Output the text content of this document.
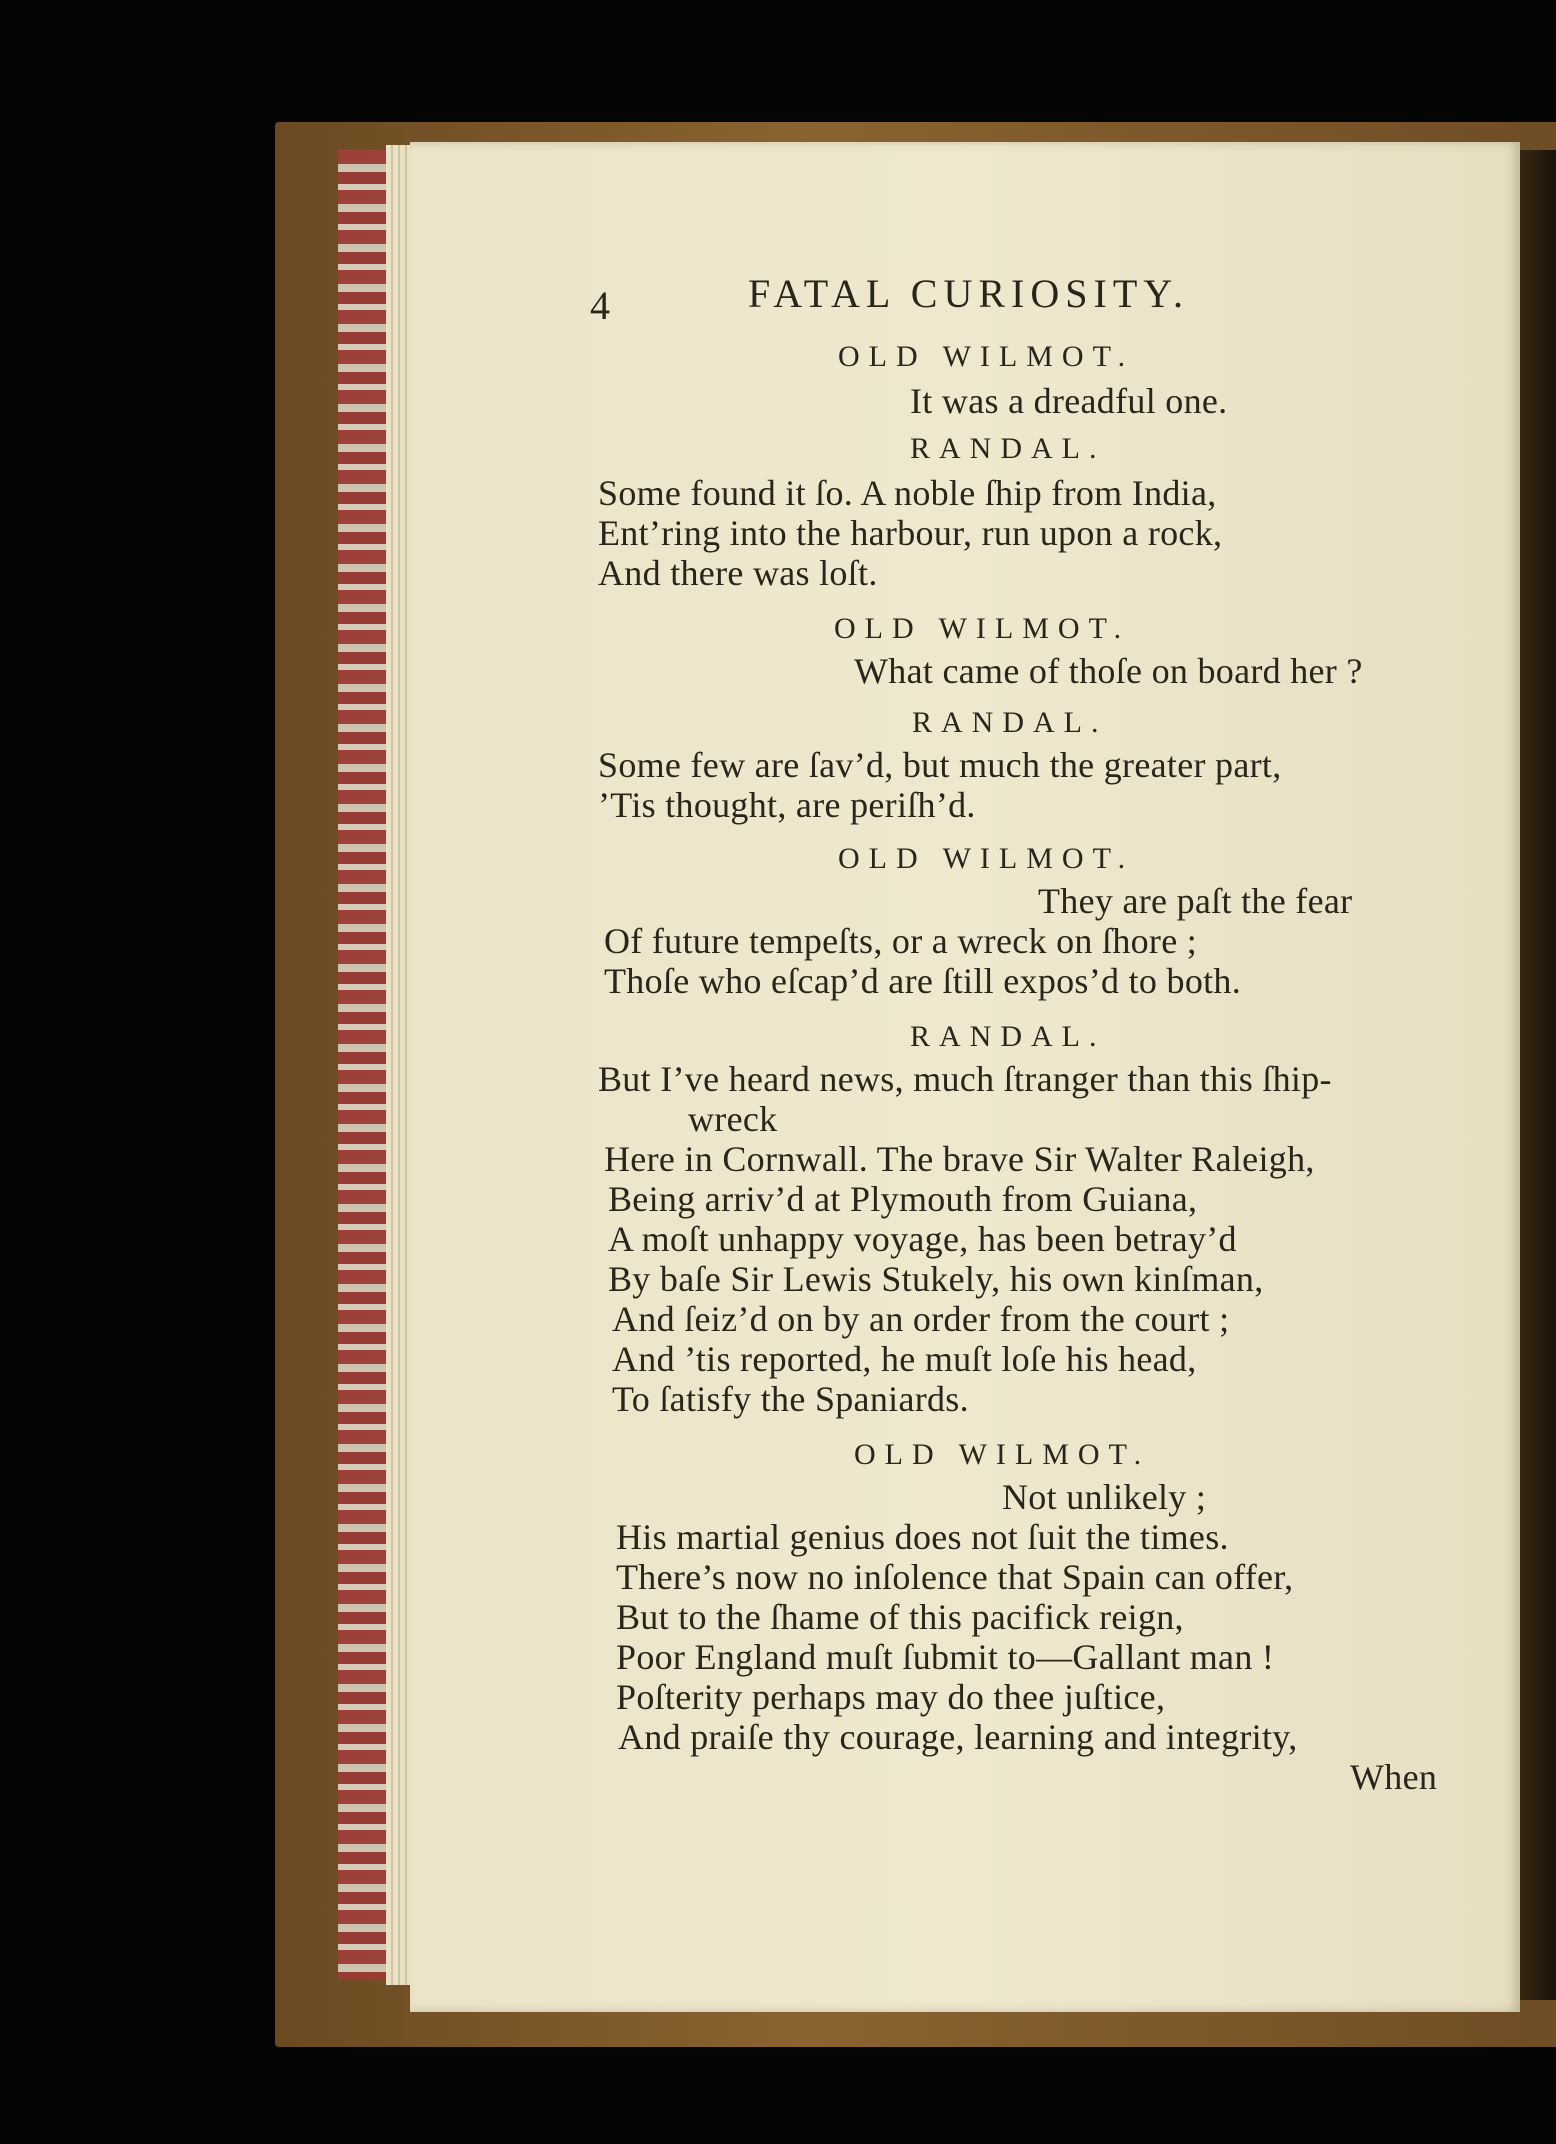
4	FATAL CURIOSITY.
OLD WILMOT.
It was a dreadful one.
RANDAL.
Some found it ſo. A noble ſhip from India,
Ent’ring into the harbour, run upon a rock,
And there was loſt.
OLD WILMOT.
What came of thoſe on board her ?
RANDAL.
Some few are ſav’d, but much the greater part,
’Tis thought, are periſh’d.
OLD WILMOT.
They are paſt the fear
Of future tempeſts, or a wreck on ſhore ;
Thoſe who eſcap’d are ſtill expos’d to both.
RANDAL.
But I’ve heard news, much ſtranger than this ſhip-
wreck
Here in Cornwall. The brave Sir Walter Raleigh,
Being arriv’d at Plymouth from Guiana,
A moſt unhappy voyage, has been betray’d
By baſe Sir Lewis Stukely, his own kinſman,
And ſeiz’d on by an order from the court ;
And ’tis reported, he muſt loſe his head,
To ſatisfy the Spaniards.
OLD WILMOT.
Not unlikely ;
His martial genius does not ſuit the times.
There’s now no inſolence that Spain can offer,
But to the ſhame of this pacifick reign,
Poor England muſt ſubmit to—Gallant man !
Poſterity perhaps may do thee juſtice,
And praiſe thy courage, learning and integrity,
When
